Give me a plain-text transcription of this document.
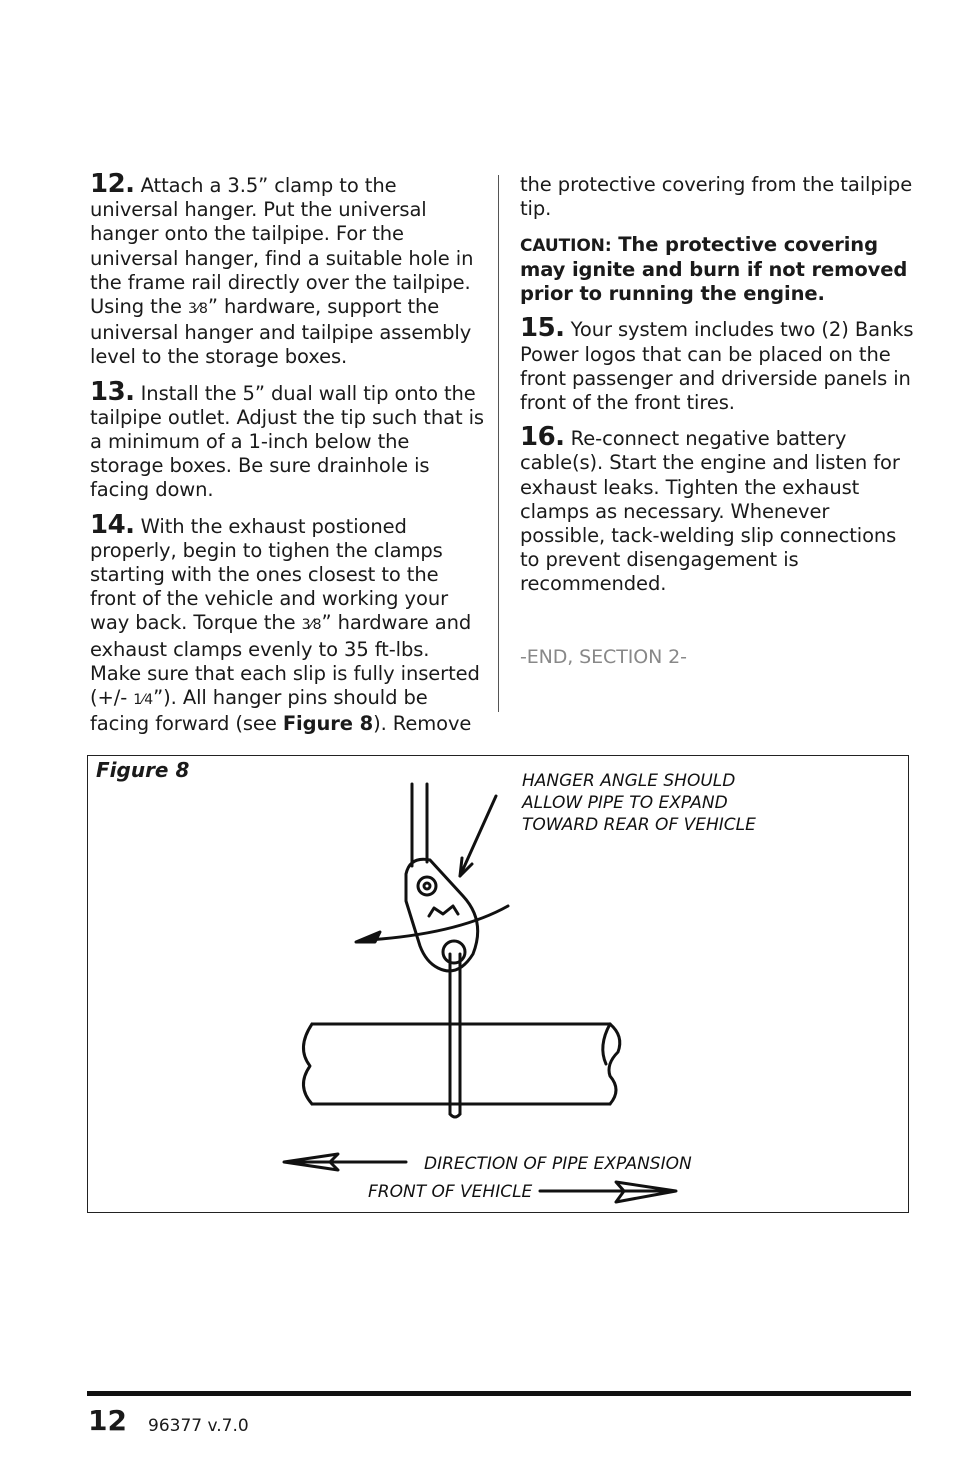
12. Attach a 3.5” clamp to the universal hanger. Put the universal hanger onto the tailpipe. For the universal hanger, find a suitable hole in the frame rail directly over the tailpipe. Using the 3⁄8” hardware, support the universal hanger and tailpipe assembly level to the storage boxes.

13. Install the 5” dual wall tip onto the tailpipe outlet. Adjust the tip such that is a minimum of a 1-inch below the storage boxes. Be sure drainhole is facing down.

14. With the exhaust postioned properly, begin to tighen the clamps starting with the ones closest to the front of the vehicle and working your way back. Torque the 3⁄8” hardware and exhaust clamps evenly to 35 ft-lbs. Make sure that each slip is fully inserted (+/- 1⁄4”). All hanger pins should be facing forward (see Figure 8). Remove

the protective covering from the tailpipe tip.

CAUTION: The protective covering may ignite and burn if not removed prior to running the engine.

15. Your system includes two (2) Banks Power logos that can be placed on the front passenger and driverside panels in front of the front tires.

16. Re-connect negative battery cable(s). Start the engine and listen for exhaust leaks. Tighten the exhaust clamps as necessary. Whenever possible, tack-welding slip connections to prevent disengagement is recommended.

-END, SECTION 2-

HANGER ANGLE SHOULD
ALLOW PIPE TO EXPAND
TOWARD REAR OF VEHICLE
DIRECTION OF PIPE EXPANSION
FRONT OF VEHICLE
Figure 8
12 96377 v.7.0
